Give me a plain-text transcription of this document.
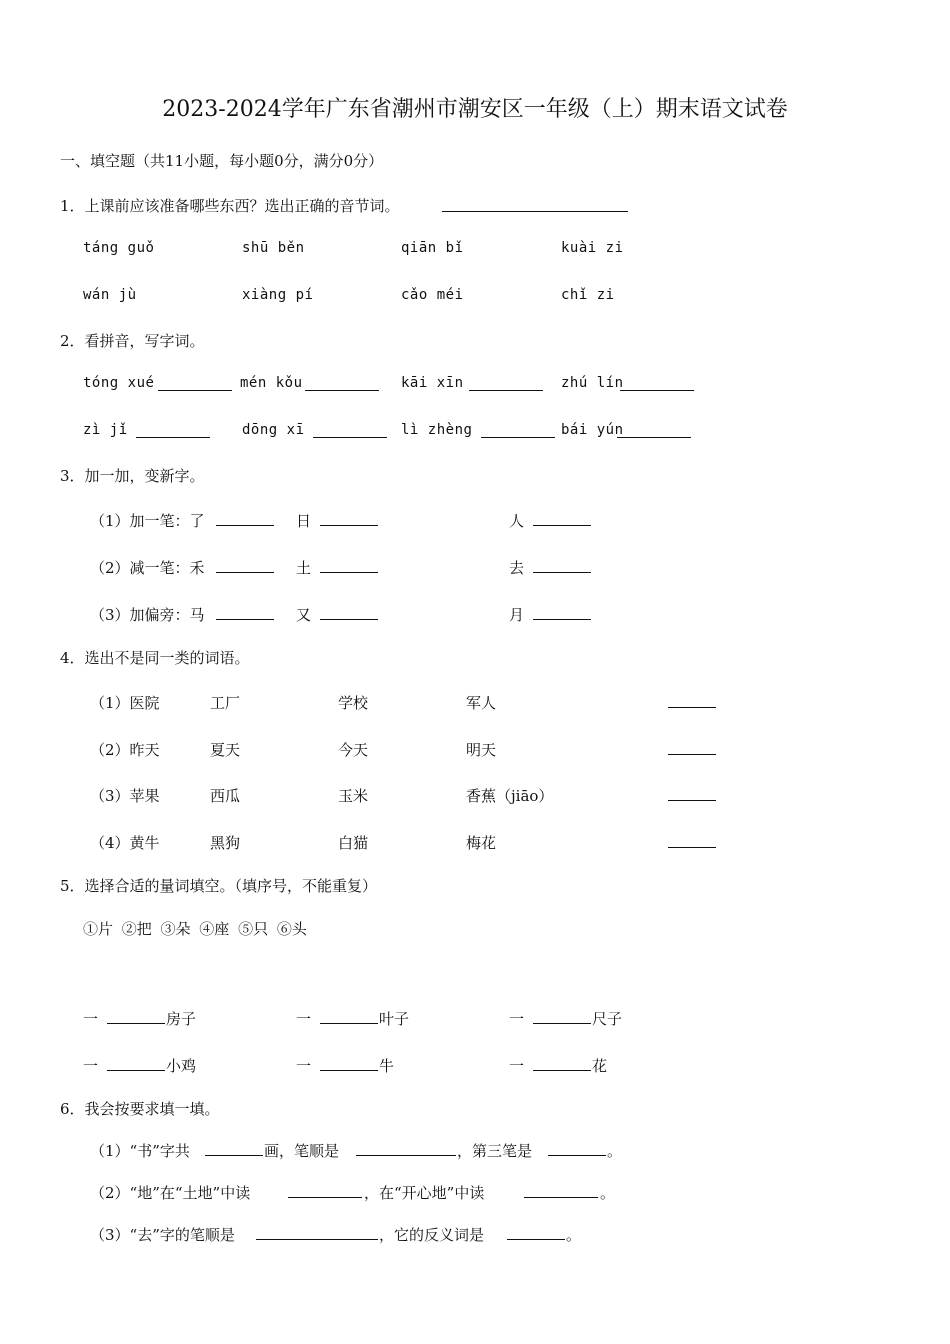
2023-2024学年广东省潮州市潮安区一年级（上）期末语文试卷
一、填空题（共11小题，每小题0分，满分0分）
1．上课前应该准备哪些东西？选出正确的音节词。
táng guǒ	shū běn	qiān bǐ	kuài zi
wán jù	xiàng pí	cǎo méi	chǐ zi
2．看拼音，写字词。
tóng xué	mén kǒu	kāi xīn	zhú lín
zì jǐ	dōng xī	lì zhèng	bái yún
3．加一加，变新字。
（1）加一笔：了	日	人
（2）减一笔：禾	土	去
（3）加偏旁：马	又	月
4．选出不是同一类的词语。
（1）医院	工厂	学校	军人
（2）昨天	夏天	今天	明天
（3）苹果	西瓜	玉米	香蕉（jiāo）
（4）黄牛	黑狗	白猫	梅花
5．选择合适的量词填空。（填序号，不能重复）
①片 ②把 ③朵 ④座 ⑤只 ⑥头
一	房子	一	叶子	一	尺子
一	小鸡	一	牛	一	花
6．我会按要求填一填。
（1）“书”字共	画，笔顺是	，第三笔是	。
（2）“地”在“土地”中读	，在“开心地”中读	。
（3）“去”字的笔顺是	，它的反义词是	。
